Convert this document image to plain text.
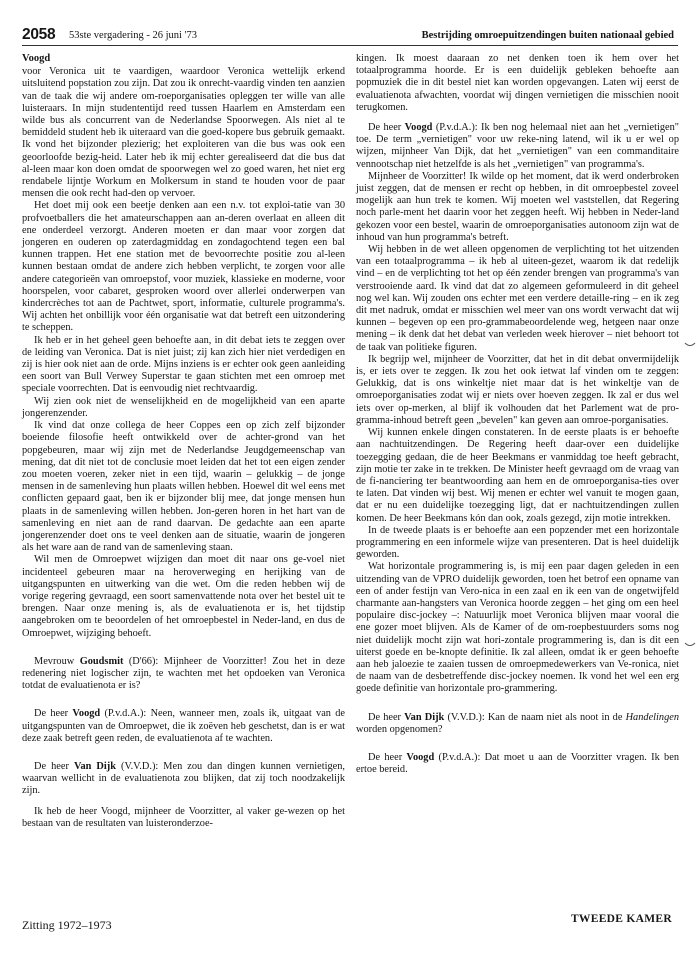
2058 53ste vergadering - 26 juni '73	Bestrijding omroepuitzendingen buiten nationaal gebied
Voogd

voor Veronica uit te vaardigen, waardoor Veronica wettelijk erkend uitsluitend popstation zou zijn. Dat zou ik onrecht-vaardig vinden ten aanzien van de taak die wij andere om-roeporganisaties opleggen ter wille van alle luisteraars. In mijn studententijd reed tussen Haarlem en Amsterdam een wilde bus als concurrent van de Nederlandse Spoorwegen. Als niet al te bemiddeld student heb ik uiteraard van die goed-kopere bus gebruik gemaakt. Ik vond het bijzonder plezierig; het exploiteren van die bus was ook een geoorloofde bezig-heid. Later heb ik mij echter gerealiseerd dat die bus dat al-leen maar kon doen omdat de spoorwegen wel zo goed waren, het niet erg rendabele lijntje Workum en Molkersum in stand te houden voor de paar mensen die ook recht had-den op vervoer.

Het doet mij ook een beetje denken aan een n.v. tot exploi-tatie van 30 profvoetballers die het amateurschappen aan an-deren overlaat en alleen dit ene onderdeel verzorgt. Anderen moeten er dan maar voor zorgen dat jongeren en ouderen op zaterdagmiddag en zondagochtend tegen een bal kunnen trappen. Het ene station met de bevoorrechte positie zou al-leen kunnen bestaan omdat de andere zich hebben verplicht, te zorgen voor alle andere categorieën van omroepstof, voor muziek, klassieke en moderne, voor hoorspelen, voor cabaret, gesproken woord over allerlei onderwerpen van kindercrèches tot aan de Pachtwet, sport, informatie, culturele programma's. Wij achten het onbillijk voor één organisatie wat dat betreft een uitzondering te scheppen.

Ik heb er in het geheel geen behoefte aan, in dit debat iets te zeggen over de leiding van Veronica. Dat is niet juist; zij kan zich hier niet verdedigen en zij is hier ook niet aan de orde. Mijns inziens is er echter ook geen aanleiding een soort van Bull Verwey Superstar te gaan stichten met een omroep met speciale voorrechten. Dat is eenvoudig niet rechtvaardig.

Wij zien ook niet de wenselijkheid en de mogelijkheid van een aparte jongerenzender.

Ik vind dat onze collega de heer Coppes een op zich zelf bijzonder boeiende filosofie heeft ontwikkeld over de achter-grond van het popgebeuren, maar wij zijn met de Nederlandse Jeugdgemeenschap van mening, dat dit niet tot de conclusie moet leiden dat het tot een eigen zender zou moeten voeren, zeker niet in een tijd, waarin – gelukkig – de jonge mensen in de samenleving hun plaats willen hebben. Hoewel dit wel eens met conflicten gepaard gaat, ben ik er bijzonder blij mee, dat jonge mensen hun plaats in de samenleving willen hebben. Jon-geren horen in het hart van de samenleving en niet aan de rand daarvan. De gedachte aan een aparte jongerenzender doet ons te veel denken aan de situatie, waarin de jongeren als het ware aan de rand van de samenleving staan.

Wil men de Omroepwet wijzigen dan moet dit naar ons ge-voel niet incidenteel gebeuren maar na heroverweging en herijking van de uitgangspunten en uitwerking van die wet. Om die reden hebben wij de vorige regering gevraagd, een soort samenvattende nota over het bestel uit te brengen. Naar onze mening is, als de evaluatienota er is, het tijdstip aangebroken om te beoordelen of het omroepbestel in Neder-land, en dus de Omroepwet, wijziging behoeft.

Mevrouw Goudsmit (D'66): Mijnheer de Voorzitter! Zou het in deze redenering niet logischer zijn, te wachten met het opdoeken van Veronica totdat de evaluatienota er is?

De heer Voogd (P.v.d.A.): Neen, wanneer men, zoals ik, uitgaat van de uitgangspunten van de Omroepwet, die ik zoëven heb geschetst, dan is er wat deze zaak betreft geen reden, de evaluatienota af te wachten.

De heer Van Dijk (V.V.D.): Men zou dan dingen kunnen vernietigen, waarvan wellicht in de evaluatienota zou blijken, dat zij toch noodzakelijk zijn.

Ik heb de heer Voogd, mijnheer de Voorzitter, al vaker ge-wezen op het bestaan van de resultaten van luisteronderzoe-

kingen. Ik moest daaraan zo net denken toen ik hem over het totaalprogramma hoorde. Er is een duidelijk gebleken behoefte aan popmuziek die in dit bestel niet kan worden opgevangen. Laten wij eerst de evaluatienota afwachten, voordat wij dingen vernietigen die misschien nooit terugkomen.

De heer Voogd (P.v.d.A.): Ik ben nog helemaal niet aan het „vernietigen" toe. De term „vernietigen" voor uw reke-ning latend, wil ik u er wel op wijzen, mijnheer Van Dijk, dat het „vernietigen" van een commanditaire vennootschap niet hetzelfde is als het „vernietigen" van programma's.

Mijnheer de Voorzitter! Ik wilde op het moment, dat ik werd onderbroken juist zeggen, dat de mensen er recht op hebben, in dit omroepbestel zoveel mogelijk aan hun trek te komen. Wij moeten wel vaststellen, dat Regering noch parle-ment het daarin voor het zeggen heeft. Wij hebben in Neder-land gekozen voor een bestel, waarin de omroeporganisaties autonoom zijn wat de inhoud van hun programma's betreft.

Wij hebben in de wet alleen opgenomen de verplichting tot het uitzenden van een totaalprogramma – ik heb al uiteen-gezet, waarom ik dat redelijk vind – en de verplichting tot het op één zender brengen van programma's van verstrooiende aard. Ik vind dat dat zo algemeen geformuleerd in dit geheel nog wel kan. Wij zouden ons echter met een verdere detaille-ring – en ik zeg dit met nadruk, omdat er misschien wel meer van ons wordt verwacht dat wij kunnen – begeven op een pro-grammabeoordelende weg, hetgeen naar onze mening – ik denk dat het debat van verleden week hierover – niet behoort tot de taak van politieke figuren.

Ik begrijp wel, mijnheer de Voorzitter, dat het in dit debat onvermijdelijk is, er iets over te zeggen. Ik zou het ook ietwat laf vinden om te zeggen: Gelukkig, dat is ons winkeltje niet maar dat is het winkeltje van de omroeporganisaties zodat wij er niets over hoeven zeggen. Ik zal er dus wel iets over op-merken, al blijf ik volhouden dat het Parlement wat de pro-gramma-inhoud betreft geen „bevelen" kan geven aan omroe-porganisaties.

Wij kunnen enkele dingen constateren. In de eerste plaats is er behoefte aan nachtuitzendingen. De Regering heeft daar-over een duidelijke toezegging gedaan, die de heer Beekmans er vanmiddag toe heeft gebracht, zijn motie ter zake in te trekken. De Minister heeft gevraagd om de vraag van de fi-nanciering ter beantwoording aan hem en de omroeporganisa-ties over te laten. Dat vinden wij best. Wij menen er echter wel vanuit te mogen gaan, dat er nu een duidelijke toezegging ligt, dat er nachtuitzendingen zullen komen. De heer Beekmans kón dan ook, zoals gezegd, zijn motie intrekken.

In de tweede plaats is er behoefte aan een popzender met een horizontale programmering en een informele wijze van presenteren. Dat is heel duidelijk geworden.

Wat horizontale programmering is, is mij een paar dagen geleden in een uitzending van de VPRO duidelijk geworden, toen het betrof een opname van een of ander festijn van Vero-nica in een zaal en ik een van de ongetwijfeld charmante aan-hangsters van Veronica hoorde zeggen – het ging om een heel populaire disc-jockey –: Natuurlijk moet Veronica blijven maar vooral die ene gozer moet blijven. Als de Kamer of de om-roepbestuurders soms nog niet duidelijk mocht zijn wat hori-zontale programmering is, dan is dit een uiterst goede en be-knopte definitie. Ik zal alleen, omdat ik er geen behoefte aan heb jaloezie te zaaien tussen de omroepmedewerkers van Ve-ronica, niet de naam van de desbetreffende disc-jockey noemen. Ik vond het wel een erg goede definitie van horizontale pro-grammering.

De heer Van Dijk (V.V.D.): Kan de naam niet als noot in de Handelingen worden opgenomen?

De heer Voogd (P.v.d.A.): Dat moet u aan de Voorzitter vragen. Ik ben ertoe bereid.

Zitting 1972–1973	TWEEDE KAMER
